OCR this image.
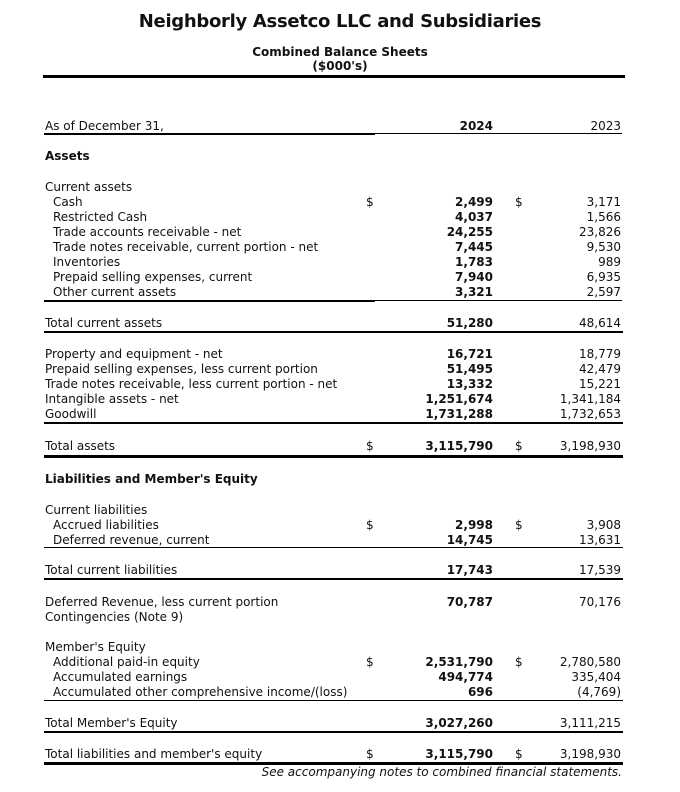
Neighborly Assetco LLC and Subsidiaries
Combined Balance Sheets
($000's)
As of December 31,	2024	2023
Assets
Current assets
Cash	$	2,499 $	3,171
Restricted Cash	4,037	1,566
Trade accounts receivable - net	24,255	23,826
Trade notes receivable, current portion - net	7,445	9,530
Inventories	1,783	989
Prepaid selling expenses, current	7,940	6,935
Other current assets	3,321	2,597
Total current assets	51,280	48,614
Property and equipment - net	16,721	18,779
Prepaid selling expenses, less current portion	51,495	42,479
Trade notes receivable, less current portion - net	13,332	15,221
Intangible assets - net	1,251,674	1,341,184
Goodwill	1,731,288	1,732,653
Total assets	$	3,115,790 $	3,198,930
Liabilities and Member's Equity
Current liabilities
Accrued liabilities	$	2,998 $	3,908
Deferred revenue, current	14,745	13,631
Total current liabilities	17,743	17,539
Deferred Revenue, less current portion	70,787	70,176
Contingencies (Note 9)
Member's Equity
Additional paid-in equity	$	2,531,790 $	2,780,580
Accumulated earnings	494,774	335,404
Accumulated other comprehensive income/(loss)	696	(4,769)
Total Member's Equity	3,027,260	3,111,215
Total liabilities and member's equity	$	3,115,790 $	3,198,930
See accompanying notes to combined financial statements.
